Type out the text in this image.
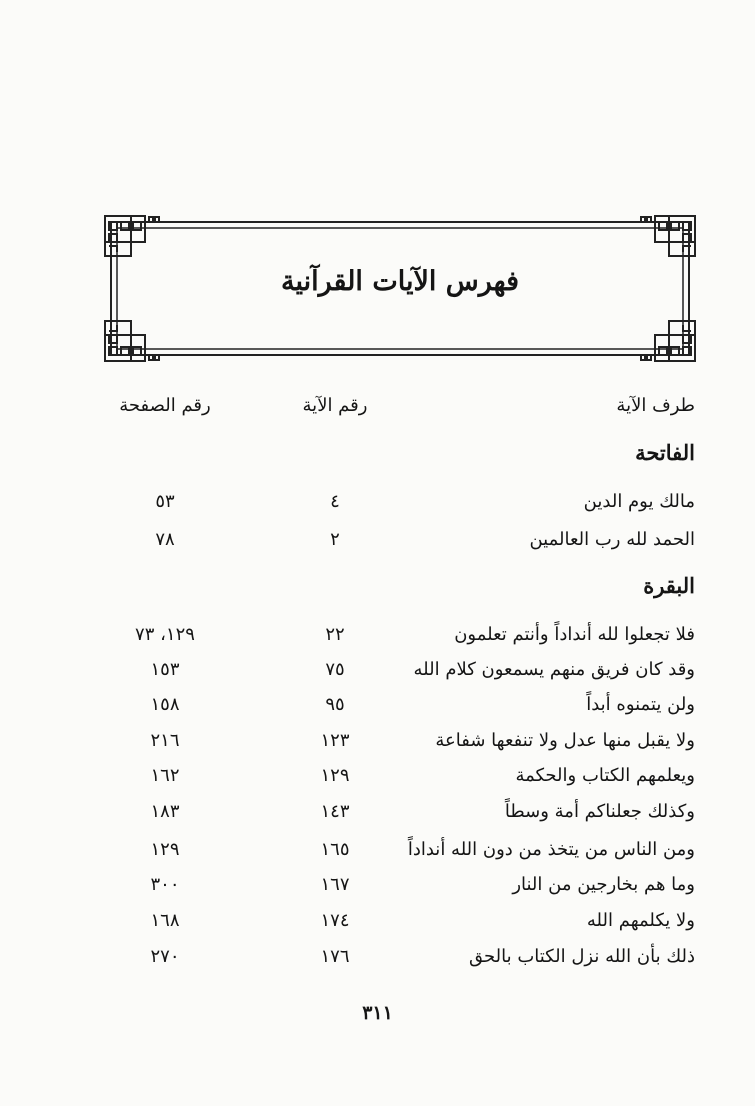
فهرس الآيات القرآنية
طرف الآية
رقم الآية
رقم الصفحة
الفاتحة
مالك يوم الدين
٤
٥٣
الحمد لله رب العالمين
٢
٧٨
البقرة
فلا تجعلوا لله أنداداً وأنتم تعلمون
٢٢
١٢٩، ٧٣
وقد كان فريق منهم يسمعون كلام الله
٧٥
١٥٣
ولن يتمنوه أبداً
٩٥
١٥٨
ولا يقبل منها عدل ولا تنفعها شفاعة
١٢٣
٢١٦
ويعلمهم الكتاب والحكمة
١٢٩
١٦٢
وكذلك جعلناكم أمة وسطاً
١٤٣
١٨٣
ومن الناس من يتخذ من دون الله أنداداً
١٦٥
١٢٩
وما هم بخارجين من النار
١٦٧
٣٠٠
ولا يكلمهم الله
١٧٤
١٦٨
ذلك بأن الله نزل الكتاب بالحق
١٧٦
٢٧٠
٣١١
